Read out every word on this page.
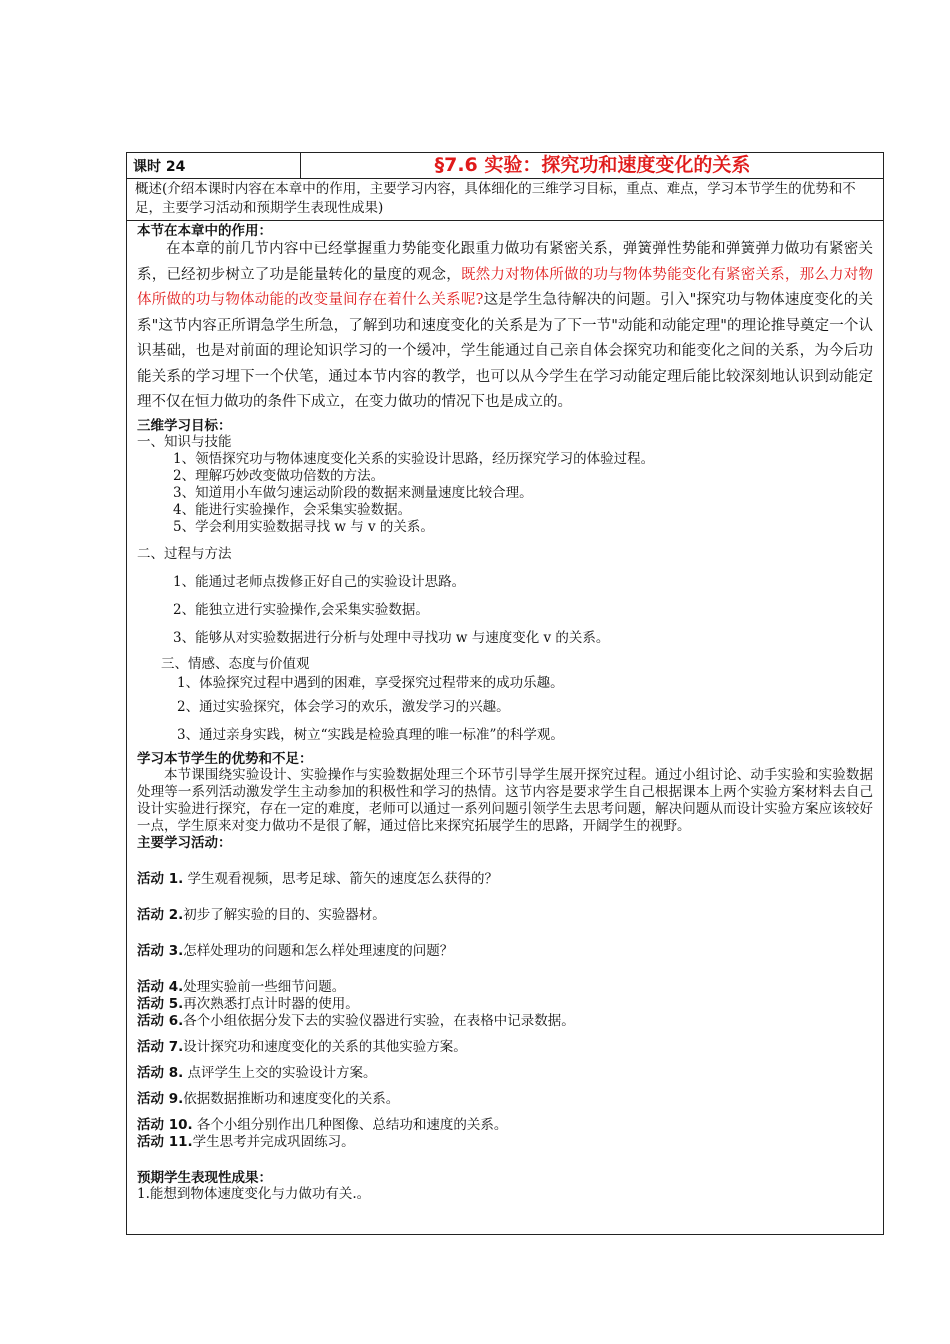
课时 24	§7.6 实验：探究功和速度变化的关系
概述(介绍本课时内容在本章中的作用，主要学习内容，具体细化的三维学习目标，重点、难点，学习本节学生的优势和不足，主要学习活动和预期学生表现性成果)
本节在本章中的作用：

在本章的前几节内容中已经掌握重力势能变化跟重力做功有紧密关系，弹簧弹性势能和弹簧弹力做功有紧密关系，已经初步树立了功是能量转化的量度的观念，既然力对物体所做的功与物体势能变化有紧密关系，那么力对物体所做的功与物体动能的改变量间存在着什么关系呢?这是学生急待解决的问题。引入"探究功与物体速度变化的关系"这节内容正所谓急学生所急，了解到功和速度变化的关系是为了下一节"动能和动能定理"的理论推导奠定一个认识基础，也是对前面的理论知识学习的一个缓冲，学生能通过自己亲自体会探究功和能变化之间的关系，为今后功能关系的学习埋下一个伏笔，通过本节内容的教学，也可以从今学生在学习动能定理后能比较深刻地认识到动能定理不仅在恒力做功的条件下成立，在变力做功的情况下也是成立的。

三维学习目标：

一、知识与技能

1、领悟探究功与物体速度变化关系的实验设计思路，经历探究学习的体验过程。

2、理解巧妙改变做功倍数的方法。

3、知道用小车做匀速运动阶段的数据来测量速度比较合理。

4、能进行实验操作，会采集实验数据。

5、学会利用实验数据寻找 w 与 v 的关系。

二、过程与方法

1、能通过老师点拨修正好自己的实验设计思路。

2、能独立进行实验操作,会采集实验数据。

3、能够从对实验数据进行分析与处理中寻找功 w 与速度变化 v 的关系。

三、情感、态度与价值观

1、体验探究过程中遇到的困难，享受探究过程带来的成功乐趣。

2、通过实验探究，体会学习的欢乐，激发学习的兴趣。

3、通过亲身实践，树立“实践是检验真理的唯一标准”的科学观。

学习本节学生的优势和不足：

本节课围绕实验设计、实验操作与实验数据处理三个环节引导学生展开探究过程。通过小组讨论、动手实验和实验数据处理等一系列活动激发学生主动参加的积极性和学习的热情。这节内容是要求学生自己根据课本上两个实验方案材料去自己设计实验进行探究，存在一定的难度，老师可以通过一系列问题引领学生去思考问题，解决问题从而设计实验方案应该较好一点，学生原来对变力做功不是很了解，通过倍比来探究拓展学生的思路，开阔学生的视野。

主要学习活动：

活动 1. 学生观看视频，思考足球、箭矢的速度怎么获得的？

活动 2.初步了解实验的目的、实验器材。

活动 3.怎样处理功的问题和怎么样处理速度的问题？

活动 4.处理实验前一些细节问题。

活动 5.再次熟悉打点计时器的使用。

活动 6.各个小组依据分发下去的实验仪器进行实验，在表格中记录数据。

活动 7.设计探究功和速度变化的关系的其他实验方案。

活动 8. 点评学生上交的实验设计方案。

活动 9.依据数据推断功和速度变化的关系。

活动 10. 各个小组分别作出几种图像、总结功和速度的关系。

活动 11.学生思考并完成巩固练习。

预期学生表现性成果：

1.能想到物体速度变化与力做功有关.。
